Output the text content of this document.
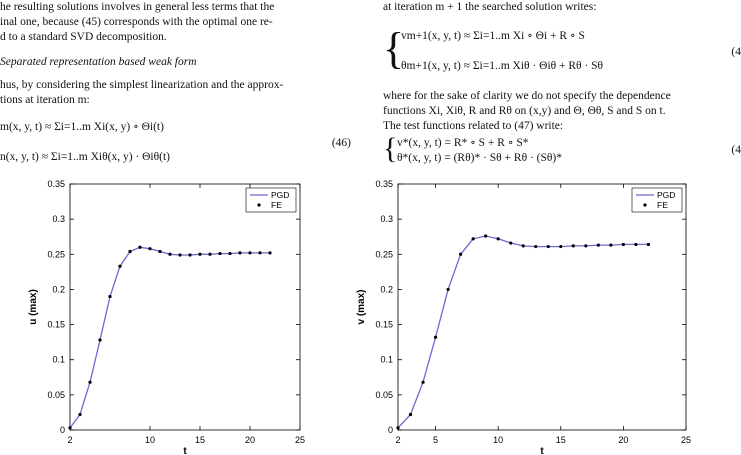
he resulting solutions involves in general less terms that the
inal one, because (45) corresponds with the optimal one re-
d to a standard SVD decomposition.
Separated representation based weak form
hus, by considering the simplest linearization and the approx-
tions at iteration m:
m(x, y, t) ≈ Σi=1..m Xi(x, y) ∘ Θi(t)
n(x, y, t) ≈ Σi=1..m Xiθ(x, y) · Θiθ(t)
(46)
at iteration m + 1 the searched solution writes:
{
vm+1(x, y, t) ≈ Σi=1..m Xi ∘ Θi + R ∘ S
θm+1(x, y, t) ≈ Σi=1..m Xiθ · Θiθ + Rθ · Sθ
(4
where for the sake of clarity we do not specify the dependence
functions Xi, Xiθ, R and Rθ on (x,y) and Θ, Θθ, S and S on t.
The test functions related to (47) write:
{ v*(x, y, t) = R* ∘ S + R ∘ S*
θ*(x, y, t) = (Rθ)* · Sθ + Rθ · (Sθ)*
(4
0
0.05
0.1
0.15
0.2
0.25
0.3
0.35
2	10	15	20	25
t
u (max)
PGD
FE
0
0.05
0.1
0.15
0.2
0.25
0.3
0.35
2	5	10	15	20	25
t
v (max)
PGD
FE
